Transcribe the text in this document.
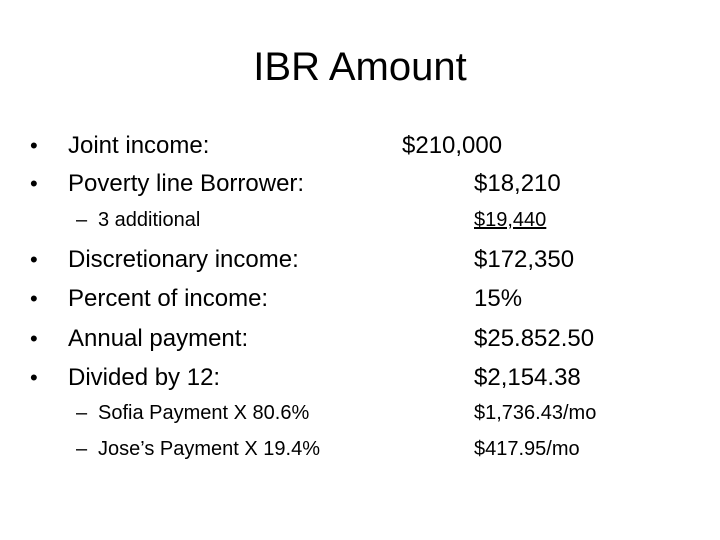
IBR Amount
• Joint income:	$210,000
• Poverty line Borrower:	$18,210
– 3 additional	$19,440
• Discretionary income:	$172,350
• Percent of income:	15%
• Annual payment:	$25.852.50
• Divided by 12:	$2,154.38
– Sofia Payment X 80.6%	$1,736.43/mo
– Jose’s Payment X 19.4%	$417.95/mo
